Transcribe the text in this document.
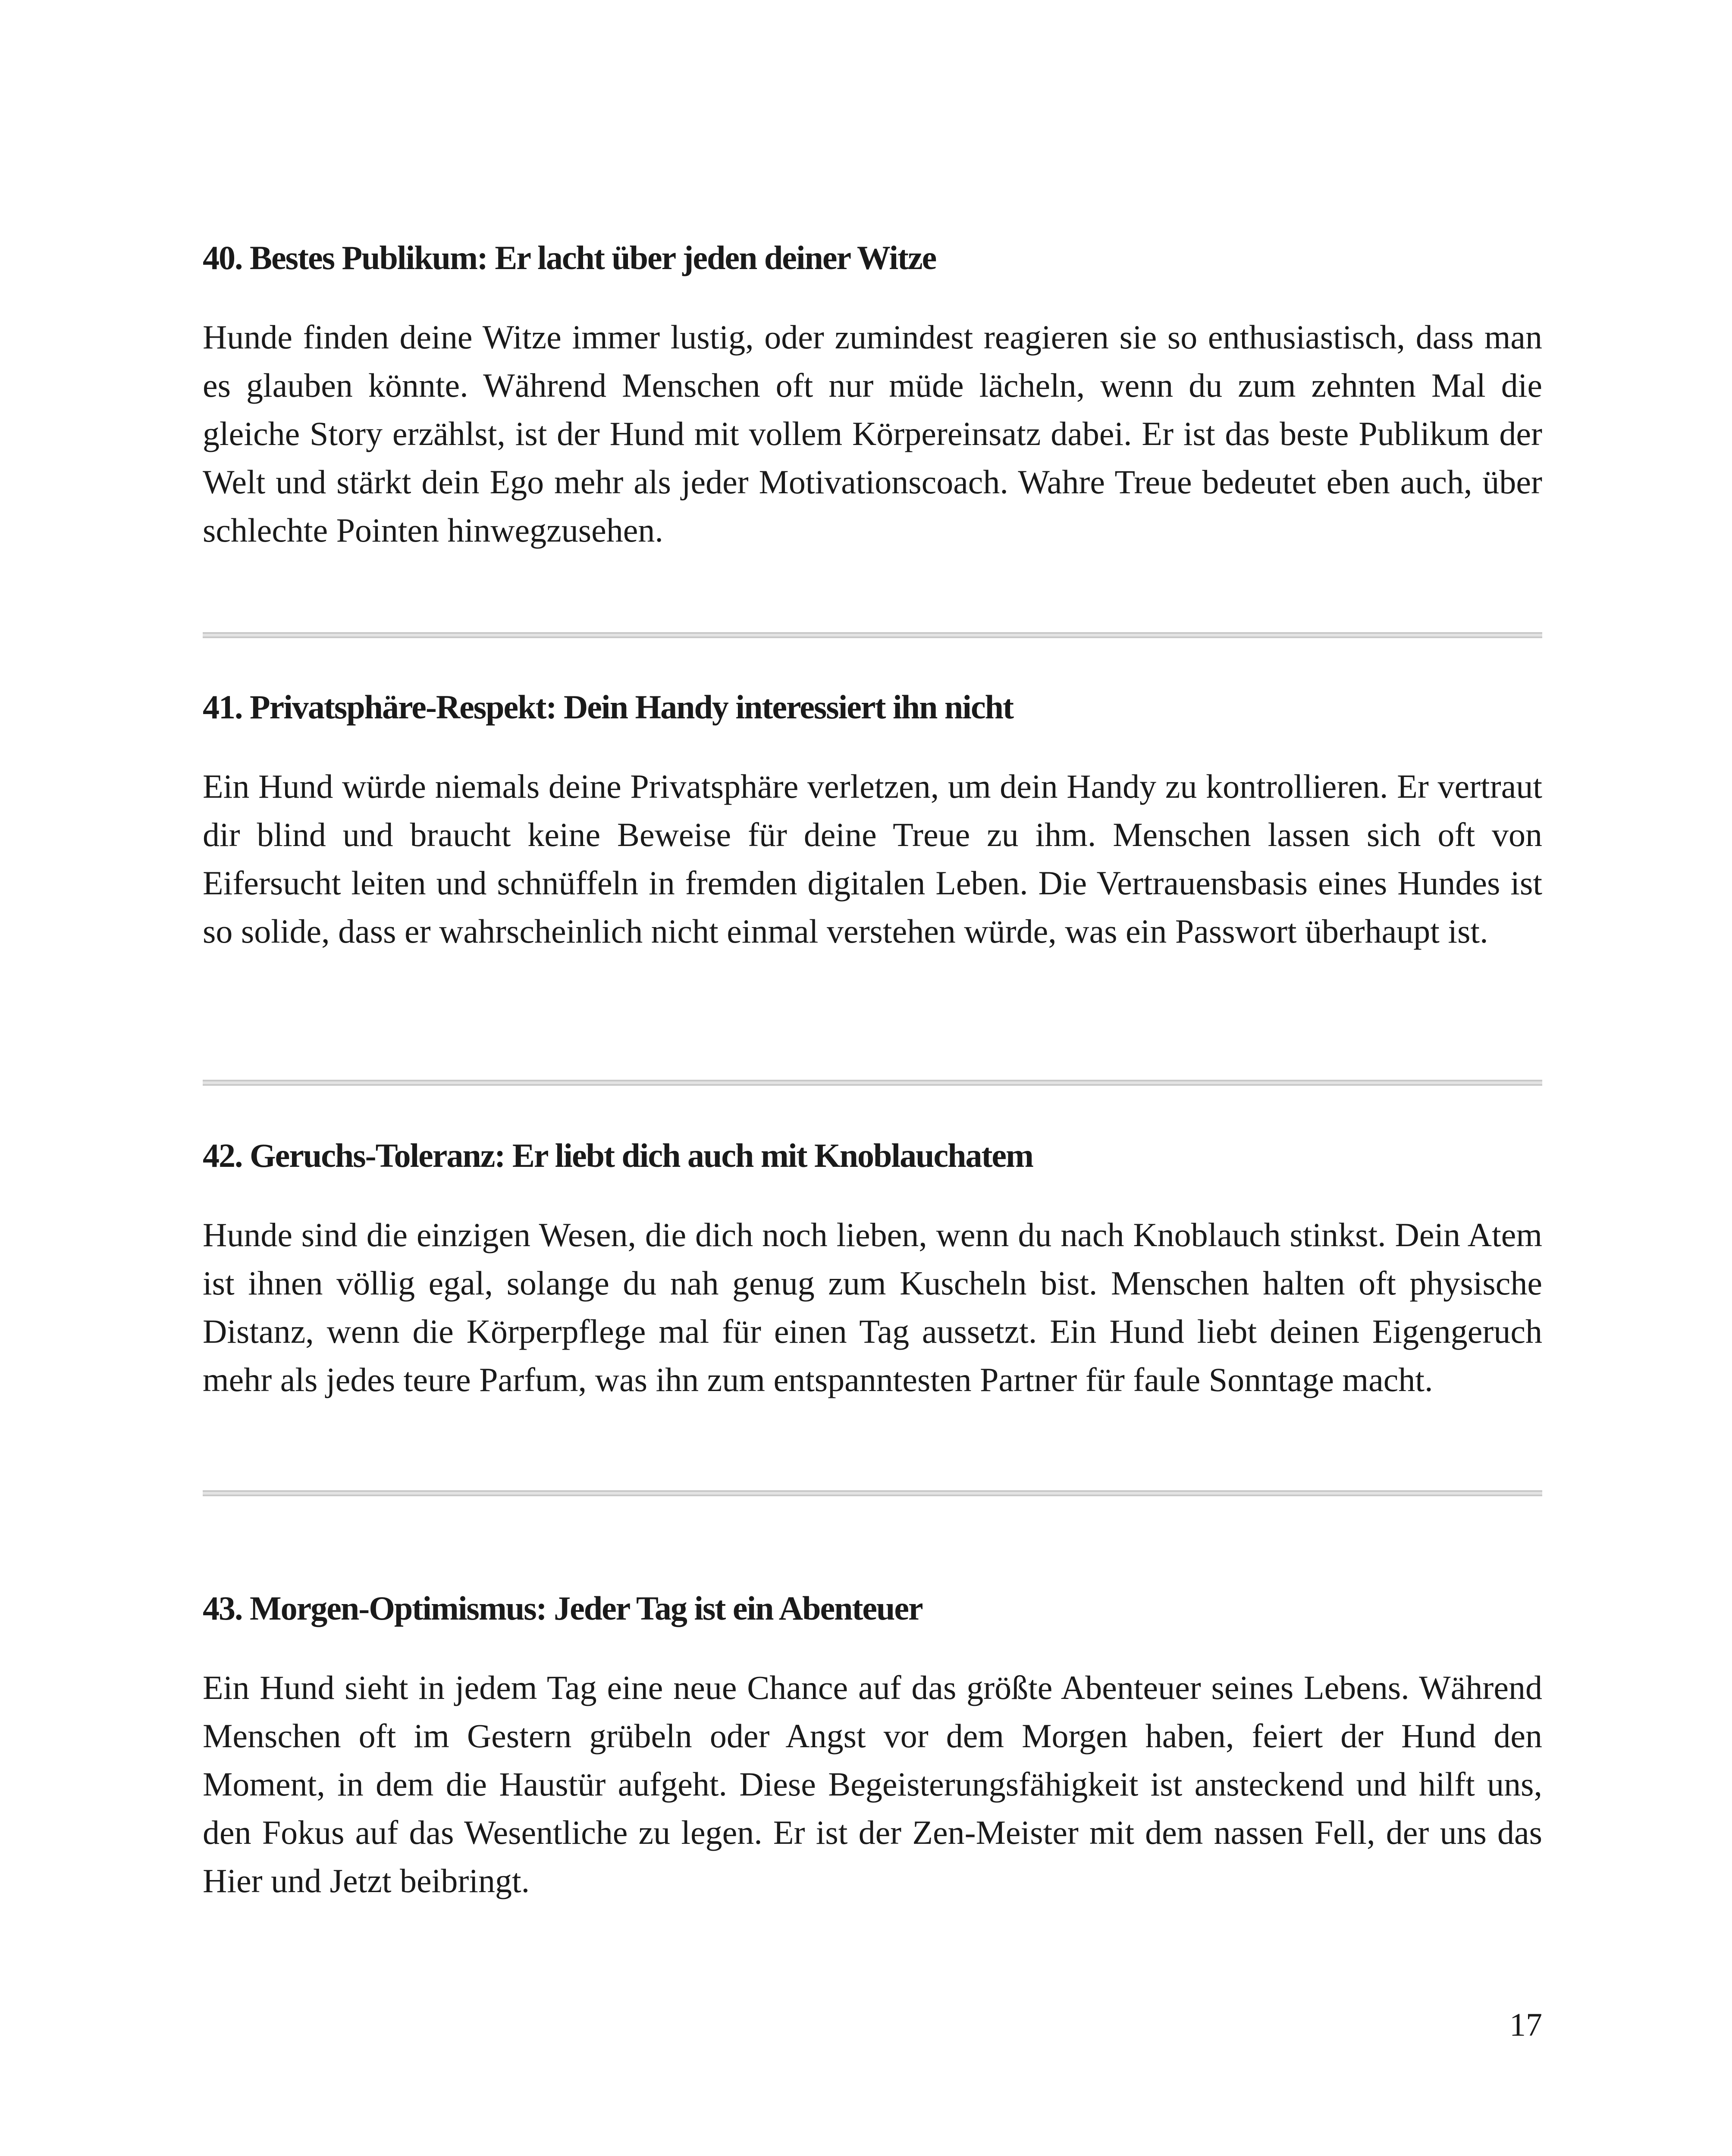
40. Bestes Publikum: Er lacht über jeden deiner Witze

Hunde finden deine Witze immer lustig, oder zumindest reagieren sie so enthusiastisch, dass man es glauben könnte. Während Menschen oft nur müde lächeln, wenn du zum zehnten Mal die gleiche Story erzählst, ist der Hund mit vollem Körpereinsatz dabei. Er ist das beste Publikum der Welt und stärkt dein Ego mehr als jeder Motivationscoach. Wahre Treue bedeutet eben auch, über schlechte Pointen hinwegzusehen.

41. Privatsphäre-Respekt: Dein Handy interessiert ihn nicht

Ein Hund würde niemals deine Privatsphäre verletzen, um dein Handy zu kontrollieren. Er vertraut dir blind und braucht keine Beweise für deine Treue zu ihm. Menschen lassen sich oft von Eifersucht leiten und schnüffeln in fremden digitalen Leben. Die Vertrauensbasis eines Hundes ist so solide, dass er wahrscheinlich nicht einmal verstehen würde, was ein Passwort überhaupt ist.

42. Geruchs-Toleranz: Er liebt dich auch mit Knoblauchatem

Hunde sind die einzigen Wesen, die dich noch lieben, wenn du nach Knoblauch stinkst. Dein Atem ist ihnen völlig egal, solange du nah genug zum Kuscheln bist. Menschen halten oft physische Distanz, wenn die Körperpflege mal für einen Tag aussetzt. Ein Hund liebt deinen Eigengeruch mehr als jedes teure Parfum, was ihn zum entspanntesten Partner für faule Sonntage macht.

43. Morgen-Optimismus: Jeder Tag ist ein Abenteuer

Ein Hund sieht in jedem Tag eine neue Chance auf das größte Abenteuer seines Lebens. Während Menschen oft im Gestern grübeln oder Angst vor dem Morgen haben, feiert der Hund den Moment, in dem die Haustür aufgeht. Diese Begeisterungsfähigkeit ist ansteckend und hilft uns, den Fokus auf das Wesentliche zu legen. Er ist der Zen-Meister mit dem nassen Fell, der uns das Hier und Jetzt beibringt.

17
